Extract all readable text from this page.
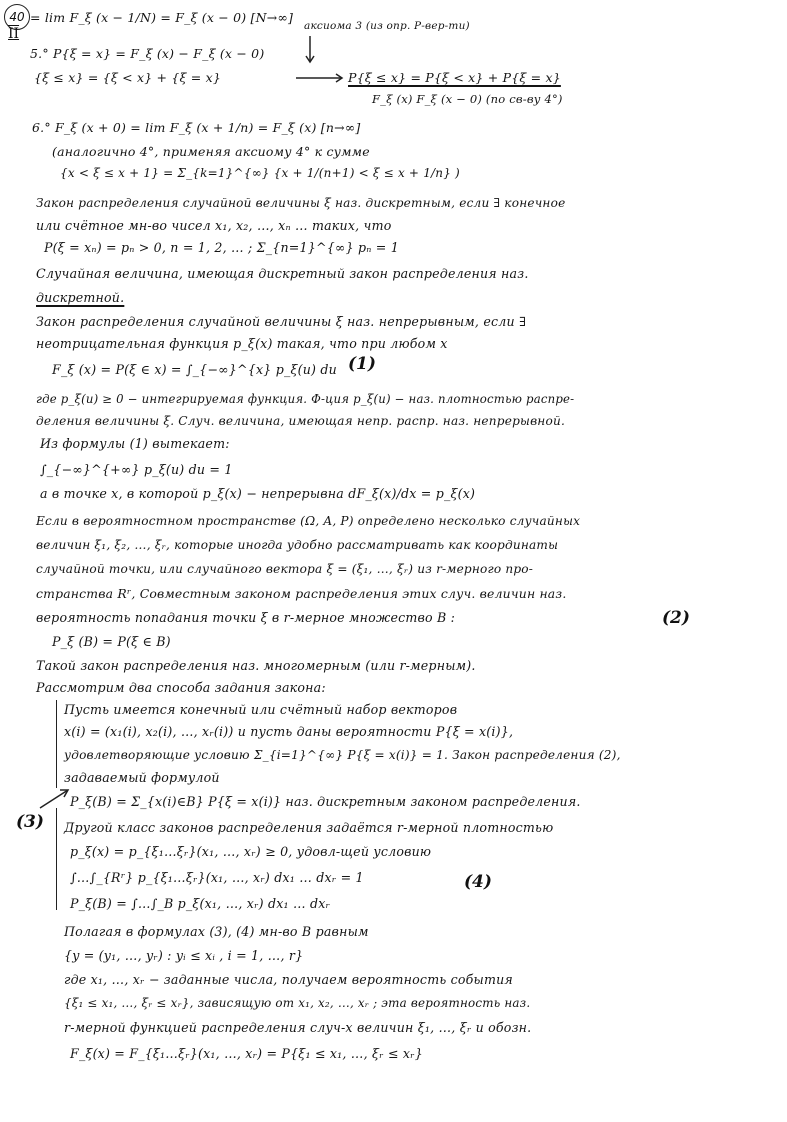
40
II
= lim F_ξ (x − 1/N) = F_ξ (x − 0) [N→∞]
аксиома 3 (из опр. Р-вер-ти)
5.° P{ξ = x} = F_ξ (x) − F_ξ (x − 0)
{ξ ≤ x} = {ξ < x} + {ξ = x}	P{ξ ≤ x} = P{ξ < x} + P{ξ = x}
F_ξ (x) F_ξ (x − 0) (по св-ву 4°)
6.° F_ξ (x + 0) = lim F_ξ (x + 1/n) = F_ξ (x) [n→∞]
(аналогично 4°, применяя аксиому 4° к сумме
{x < ξ ≤ x + 1} = Σ_{k=1}^{∞} {x + 1/(n+1) < ξ ≤ x + 1/n} )
Закон распределения случайной величины ξ наз. дискретным, если ∃ конечное
или счётное мн-во чисел x₁, x₂, …, xₙ … таких, что
P(ξ = xₙ) = pₙ > 0, n = 1, 2, … ; Σ_{n=1}^{∞} pₙ = 1
Случайная величина, имеющая дискретный закон распределения наз.
дискретной.
Закон распределения случайной величины ξ наз. непрерывным, если ∃
неотрицательная функция p_ξ(x) такая, что при любом x
F_ξ (x) = P(ξ ∈ x) = ∫_{−∞}^{x} p_ξ(u) du (1)
где p_ξ(u) ≥ 0 − интегрируемая функция. Ф-ция p_ξ(u) − наз. плотностью распре-
деления величины ξ. Случ. величина, имеющая непр. распр. наз. непрерывной.
Из формулы (1) вытекает:
∫_{−∞}^{+∞} p_ξ(u) du = 1
а в точке x, в которой p_ξ(x) − непрерывна dF_ξ(x)/dx = p_ξ(x)
Если в вероятностном пространстве (Ω, A, P) определено несколько случайных
величин ξ₁, ξ₂, …, ξᵣ, которые иногда удобно рассматривать как координаты
случайной точки, или случайного вектора ξ = (ξ₁, …, ξᵣ) из r-мерного про-
странства Rʳ, Совместным законом распределения этих случ. величин наз.
вероятность попадания точки ξ в r-мерное множество B :
P_ξ (B) = P(ξ ∈ B)
(2)
Такой закон распределения наз. многомерным (или r-мерным).
Рассмотрим два способа задания закона:
Пусть имеется конечный или счётный набор векторов
x(i) = (x₁(i), x₂(i), …, xᵣ(i)) и пусть даны вероятности P{ξ = x(i)},
удовлетворяющие условию Σ_{i=1}^{∞} P{ξ = x(i)} = 1. Закон распределения (2),
задаваемый формулой
P_ξ(B) = Σ_{x(i)∈B} P{ξ = x(i)} наз. дискретным законом распределения.
(3) Другой класс законов распределения задаётся r-мерной плотностью
p_ξ(x) = p_{ξ₁…ξᵣ}(x₁, …, xᵣ) ≥ 0, удовл-щей условию
∫…∫_{Rʳ} p_{ξ₁…ξᵣ}(x₁, …, xᵣ) dx₁ … dxᵣ = 1
P_ξ(B) = ∫…∫_B p_ξ(x₁, …, xᵣ) dx₁ … dxᵣ
(4)
Полагая в формулах (3), (4) мн-во B равным
{y = (y₁, …, yᵣ) : yᵢ ≤ xᵢ , i = 1, …, r}
где x₁, …, xᵣ − заданные числа, получаем вероятность события
{ξ₁ ≤ x₁, …, ξᵣ ≤ xᵣ}, зависящую от x₁, x₂, …, xᵣ ; эта вероятность наз.
r-мерной функцией распределения случ-х величин ξ₁, …, ξᵣ и обозн.
F_ξ(x) = F_{ξ₁…ξᵣ}(x₁, …, xᵣ) = P{ξ₁ ≤ x₁, …, ξᵣ ≤ xᵣ}
